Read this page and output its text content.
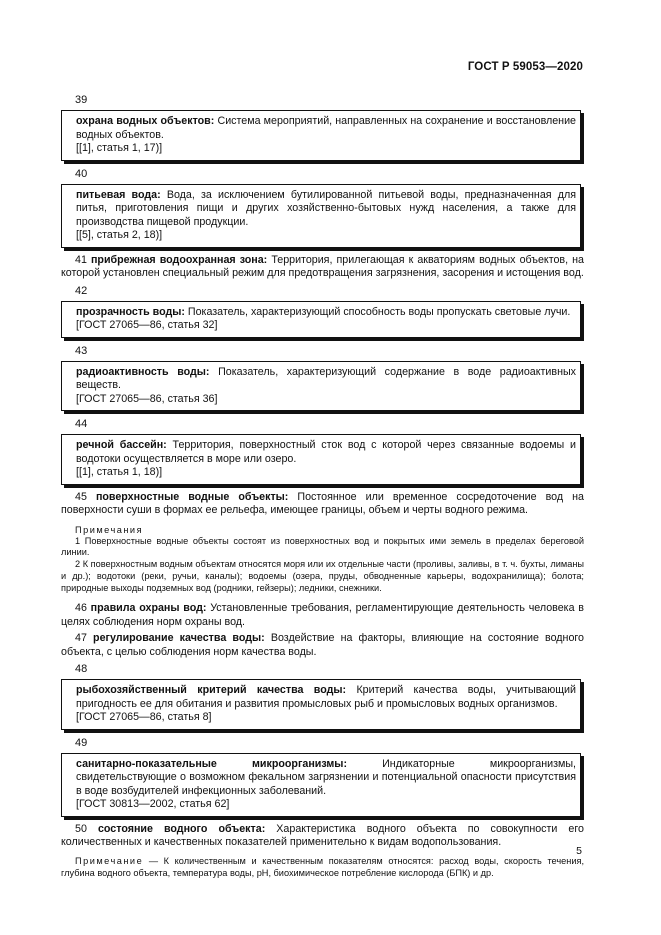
ГОСТ Р 59053—2020
39
охрана водных объектов: Система мероприятий, направленных на сохранение и восстановление водных объектов.
[[1], статья 1, 17)]
40
питьевая вода: Вода, за исключением бутилированной питьевой воды, предназначенная для питья, приготовления пищи и других хозяйственно-бытовых нужд населения, а также для производства пищевой продукции.
[[5], статья 2, 18)]
41 прибрежная водоохранная зона: Территория, прилегающая к акваториям водных объектов, на которой установлен специальный режим для предотвращения загрязнения, засорения и истощения вод.
42
прозрачность воды: Показатель, характеризующий способность воды пропускать световые лучи.
[ГОСТ 27065—86, статья 32]
43
радиоактивность воды: Показатель, характеризующий содержание в воде радиоактивных веществ.
[ГОСТ 27065—86, статья 36]
44
речной бассейн: Территория, поверхностный сток вод с которой через связанные водоемы и водотоки осуществляется в море или озеро.
[[1], статья 1, 18)]
45 поверхностные водные объекты: Постоянное или временное сосредоточение вод на поверхности суши в формах ее рельефа, имеющее границы, объем и черты водного режима.
Примечания
1 Поверхностные водные объекты состоят из поверхностных вод и покрытых ими земель в пределах береговой линии.
2 К поверхностным водным объектам относятся моря или их отдельные части (проливы, заливы, в т. ч. бухты, лиманы и др.); водотоки (реки, ручьи, каналы); водоемы (озера, пруды, обводненные карьеры, водохранилища); болота; природные выходы подземных вод (родники, гейзеры); ледники, снежники.
46 правила охраны вод: Установленные требования, регламентирующие деятельность человека в целях соблюдения норм охраны вод.
47 регулирование качества воды: Воздействие на факторы, влияющие на состояние водного объекта, с целью соблюдения норм качества воды.
48
рыбохозяйственный критерий качества воды: Критерий качества воды, учитывающий пригодность ее для обитания и развития промысловых рыб и промысловых водных организмов.
[ГОСТ 27065—86, статья 8]
49
санитарно-показательные микроорганизмы: Индикаторные микроорганизмы, свидетельствующие о возможном фекальном загрязнении и потенциальной опасности присутствия в воде возбудителей инфекционных заболеваний.
[ГОСТ 30813—2002, статья 62]
50 состояние водного объекта: Характеристика водного объекта по совокупности его количественных и качественных показателей применительно к видам водопользования.
Примечание — К количественным и качественным показателям относятся: расход воды, скорость течения, глубина водного объекта, температура воды, pH, биохимическое потребление кислорода (БПК) и др.
5
